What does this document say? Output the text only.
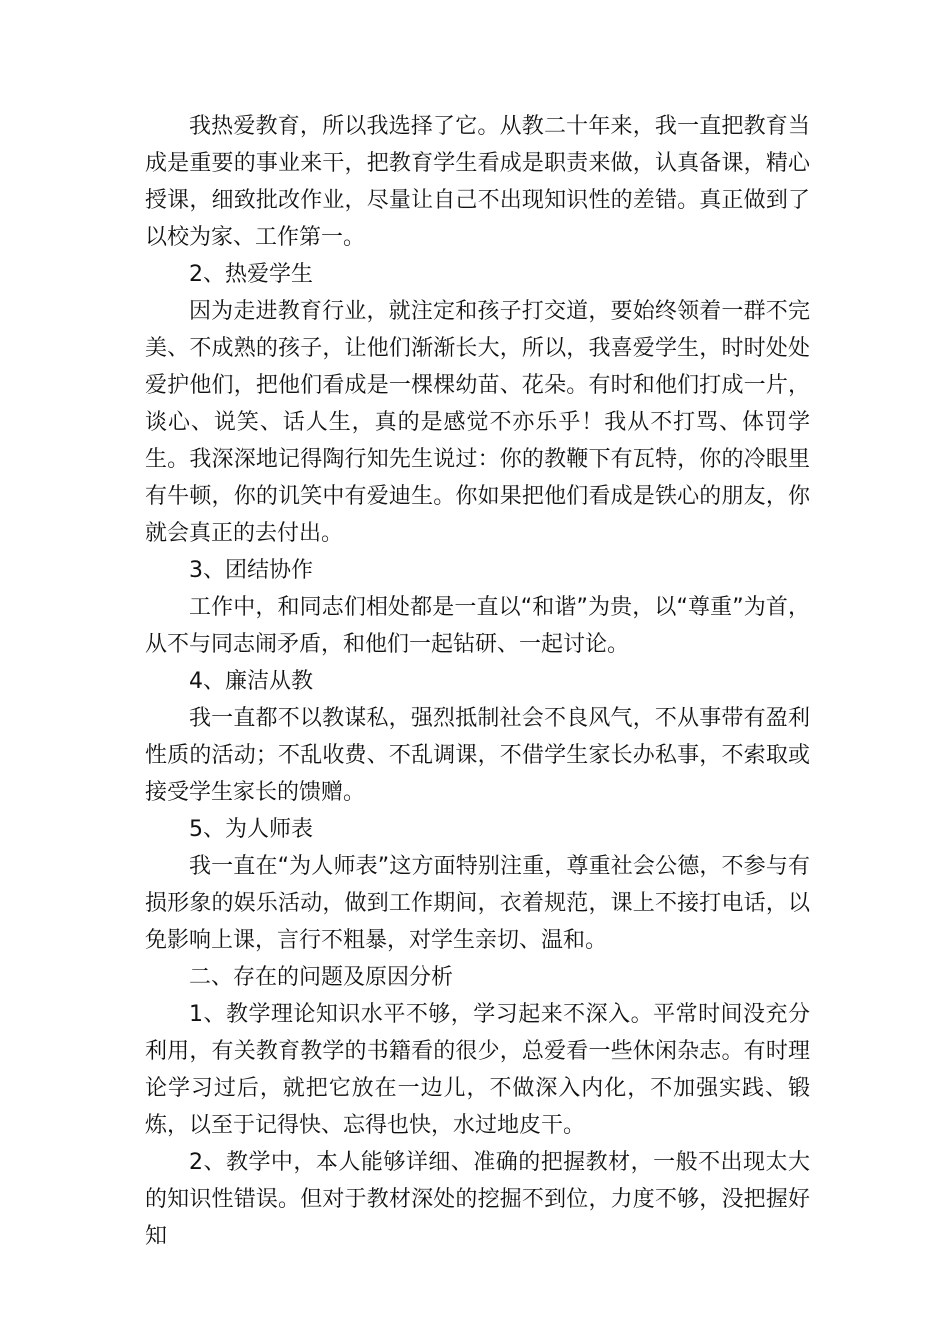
我热爱教育，所以我选择了它。从教二十年来，我一直把教育当成是重要的事业来干，把教育学生看成是职责来做，认真备课，精心授课，细致批改作业，尽量让自己不出现知识性的差错。真正做到了以校为家、工作第一。

2、热爱学生

因为走进教育行业，就注定和孩子打交道，要始终领着一群不完美、不成熟的孩子，让他们渐渐长大，所以，我喜爱学生，时时处处爱护他们，把他们看成是一棵棵幼苗、花朵。有时和他们打成一片，谈心、说笑、话人生，真的是感觉不亦乐乎！我从不打骂、体罚学生。我深深地记得陶行知先生说过：你的教鞭下有瓦特，你的冷眼里有牛顿，你的讥笑中有爱迪生。你如果把他们看成是铁心的朋友，你就会真正的去付出。

3、团结协作

工作中，和同志们相处都是一直以“和谐”为贵，以“尊重”为首，从不与同志闹矛盾，和他们一起钻研、一起讨论。

4、廉洁从教

我一直都不以教谋私，强烈抵制社会不良风气，不从事带有盈利性质的活动；不乱收费、不乱调课，不借学生家长办私事，不索取或接受学生家长的馈赠。

5、为人师表

我一直在“为人师表”这方面特别注重，尊重社会公德，不参与有损形象的娱乐活动，做到工作期间，衣着规范，课上不接打电话，以免影响上课，言行不粗暴，对学生亲切、温和。

二、存在的问题及原因分析

1、教学理论知识水平不够，学习起来不深入。平常时间没充分利用，有关教育教学的书籍看的很少，总爱看一些休闲杂志。有时理论学习过后，就把它放在一边儿，不做深入内化，不加强实践、锻炼，以至于记得快、忘得也快，水过地皮干。

2、教学中，本人能够详细、准确的把握教材，一般不出现太大的知识性错误。但对于教材深处的挖掘不到位，力度不够，没把握好知
